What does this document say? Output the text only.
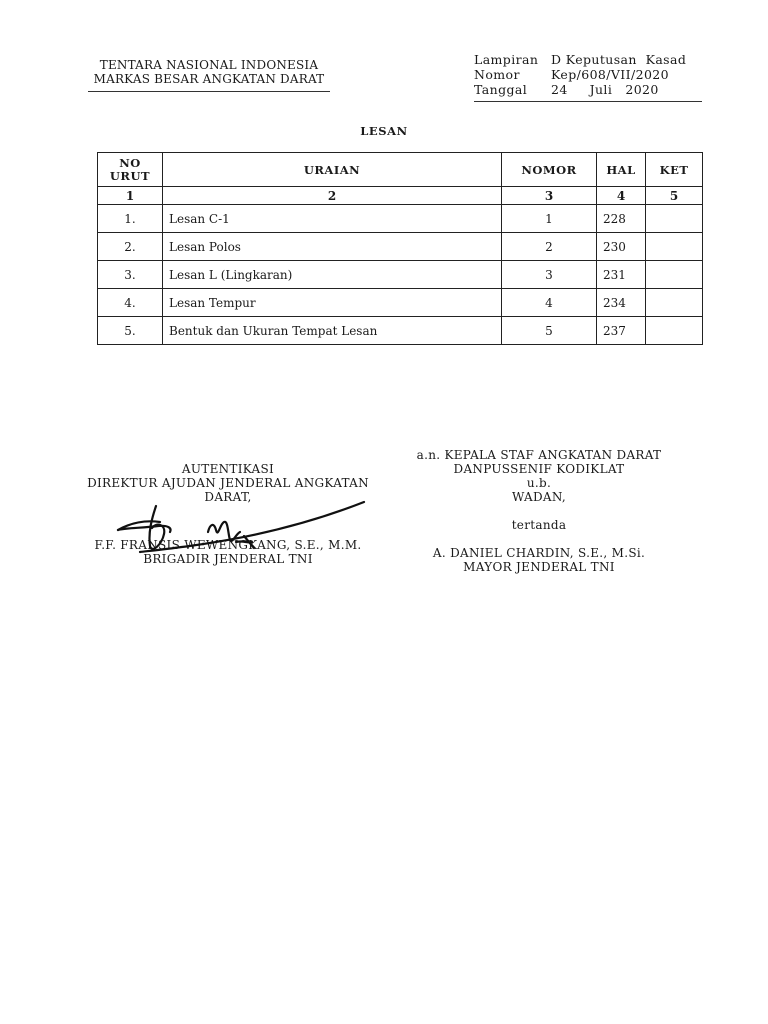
TENTARA NASIONAL INDONESIA
MARKAS BESAR ANGKATAN DARAT
Lampiran	D Keputusan  Kasad
Nomor	Kep/608/VII/2020
Tanggal	24     Juli   2020
LESAN
NO URUT	URAIAN	NOMOR	HAL	KET
1	2	3	4	5
1.	Lesan C-1	1	228	
2.	Lesan Polos	2	230	
3.	Lesan L (Lingkaran)	3	231	
4.	Lesan Tempur	4	234	
5.	Bentuk dan Ukuran Tempat Lesan	5	237	
AUTENTIKASI
DIREKTUR AJUDAN JENDERAL ANGKATAN
DARAT,
F.F. FRANSIS WEWENGKANG, S.E., M.M.
BRIGADIR JENDERAL TNI
a.n. KEPALA STAF ANGKATAN DARAT
DANPUSSENIF KODIKLAT
u.b.
WADAN,
tertanda
A. DANIEL CHARDIN, S.E., M.Si.
MAYOR JENDERAL TNI
